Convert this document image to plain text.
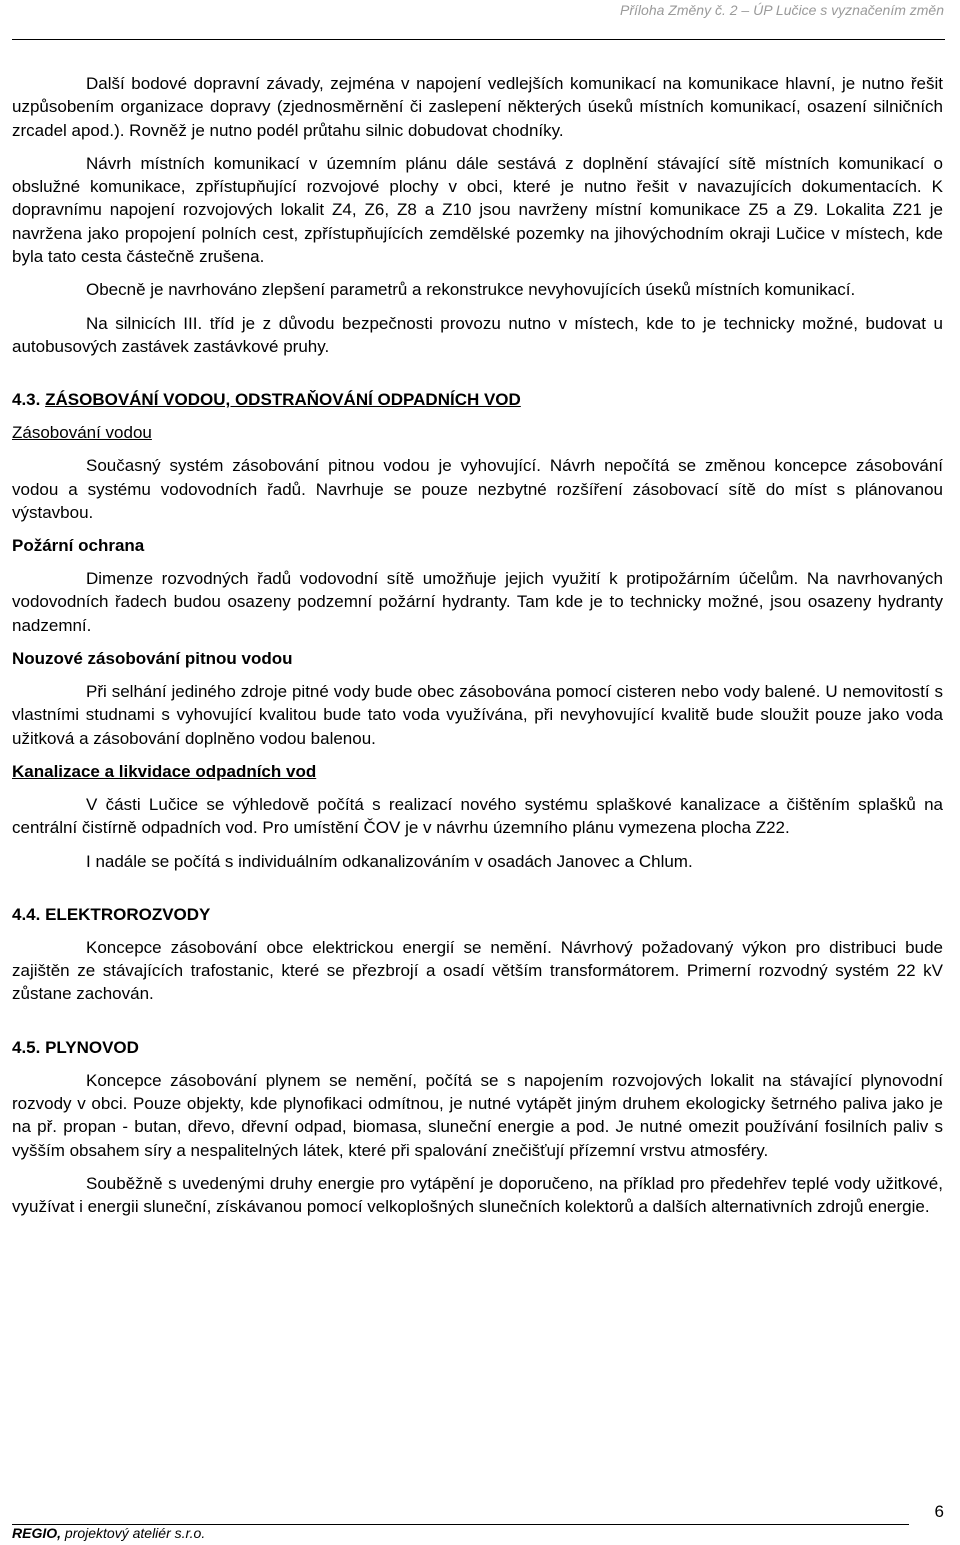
Příloha Změny č. 2 – ÚP Lučice s vyznačením změn

Další bodové dopravní závady, zejména v napojení vedlejších komunikací na komunikace hlavní, je nutno řešit uzpůsobením organizace dopravy (zjednosměrnění či zaslepení některých úseků místních komunikací, osazení silničních zrcadel apod.). Rovněž je nutno podél průtahu silnic dobudovat chodníky.

Návrh místních komunikací v územním plánu dále sestává z doplnění stávající sítě místních komunikací o obslužné komunikace, zpřístupňující rozvojové plochy v obci, které je nutno řešit v navazujících dokumentacích. K dopravnímu napojení rozvojových lokalit Z4, Z6, Z8 a Z10 jsou navrženy místní komunikace Z5 a Z9. Lokalita Z21 je navržena jako propojení polních cest, zpřístupňujících zemdělské pozemky na jihovýchodním okraji Lučice v místech, kde byla tato cesta částečně zrušena.

Obecně je navrhováno zlepšení parametrů a rekonstrukce nevyhovujících úseků místních komunikací.

Na silnicích III. tříd je z důvodu bezpečnosti provozu nutno v místech, kde to je technicky možné, budovat u autobusových zastávek zastávkové pruhy.

4.3. ZÁSOBOVÁNÍ VODOU, ODSTRAŇOVÁNÍ ODPADNÍCH VOD
Zásobování vodou

Současný systém zásobování pitnou vodou je vyhovující. Návrh nepočítá se změnou koncepce zásobování vodou a systému vodovodních řadů. Navrhuje se pouze nezbytné rozšíření zásobovací sítě do míst s plánovanou výstavbou.

Požární ochrana

Dimenze rozvodných řadů vodovodní sítě umožňuje jejich využití k protipožárním účelům. Na navrhovaných vodovodních řadech budou osazeny podzemní požární hydranty. Tam kde je to technicky možné, jsou osazeny hydranty nadzemní.

Nouzové zásobování pitnou vodou

Při selhání jediného zdroje pitné vody bude obec zásobována pomocí cisteren nebo vody balené. U nemovitostí s vlastními studnami s vyhovující kvalitou bude tato voda využívána, při nevyhovující kvalitě bude sloužit pouze jako voda užitková a zásobování doplněno vodou balenou.

Kanalizace a likvidace odpadních vod

V části Lučice se výhledově počítá s realizací nového systému splaškové kanalizace a čištěním splašků na centrální čistírně odpadních vod. Pro umístění ČOV je v návrhu územního plánu vymezena plocha Z22.

I nadále se počítá s individuálním odkanalizováním v osadách Janovec a Chlum.

4.4. ELEKTROROZVODY

Koncepce zásobování obce elektrickou energií se nemění. Návrhový požadovaný výkon pro distribuci bude zajištěn ze stávajících trafostanic, které se přezbrojí a osadí větším transformátorem. Primerní rozvodný systém 22 kV zůstane zachován.

4.5. PLYNOVOD

Koncepce zásobování plynem se nemění, počítá se s napojením rozvojových lokalit na stávající plynovodní rozvody v obci. Pouze objekty, kde plynofikaci odmítnou, je nutné vytápět jiným druhem ekologicky šetrného paliva jako je na př. propan - butan, dřevo, dřevní odpad, biomasa, sluneční energie a pod. Je nutné omezit používání fosilních paliv s vyšším obsahem síry a nespalitelných látek, které při spalování znečišťují přízemní vrstvu atmosféry.

Souběžně s uvedenými druhy energie pro vytápění je doporučeno, na příklad pro předehřev teplé vody užitkové, využívat i energii sluneční, získávanou pomocí velkoplošných slunečních kolektorů a dalších alternativních zdrojů energie.

6
REGIO, projektový ateliér s.r.o.
